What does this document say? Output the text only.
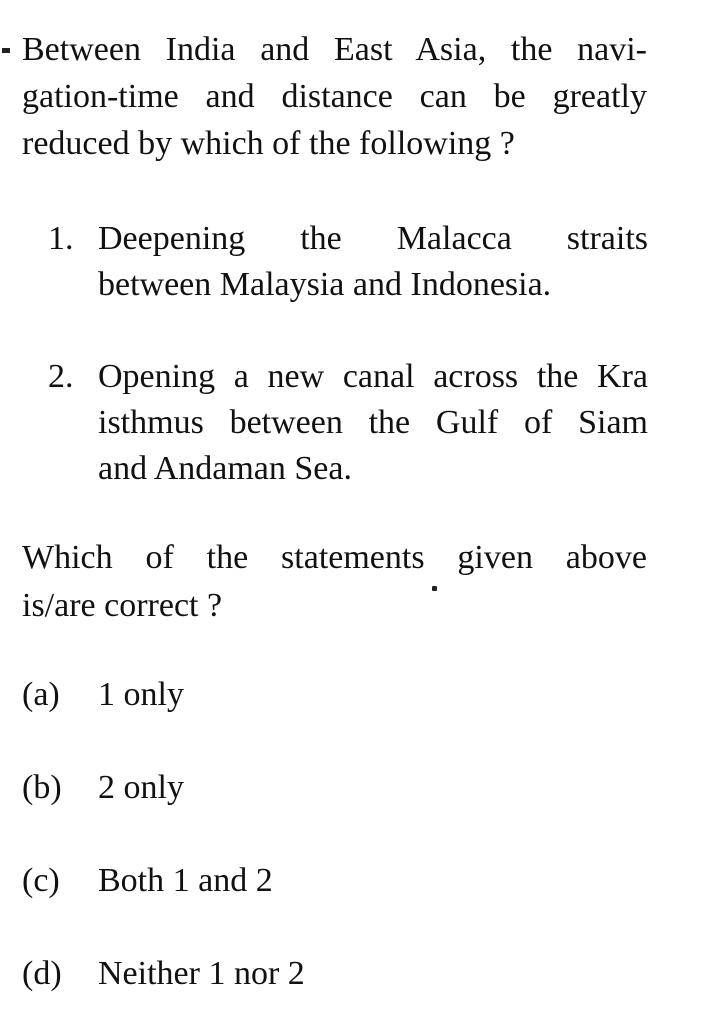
Between India and East Asia, the navi-
gation-time and distance can be greatly
reduced by which of the following ?
1. Deepening the Malacca straits
between Malaysia and Indonesia.
2. Opening a new canal across the Kra
isthmus between the Gulf of Siam
and Andaman Sea.
Which of the statements given above
is/are correct ?
(a) 1 only
(b) 2 only
(c) Both 1 and 2
(d) Neither 1 nor 2
